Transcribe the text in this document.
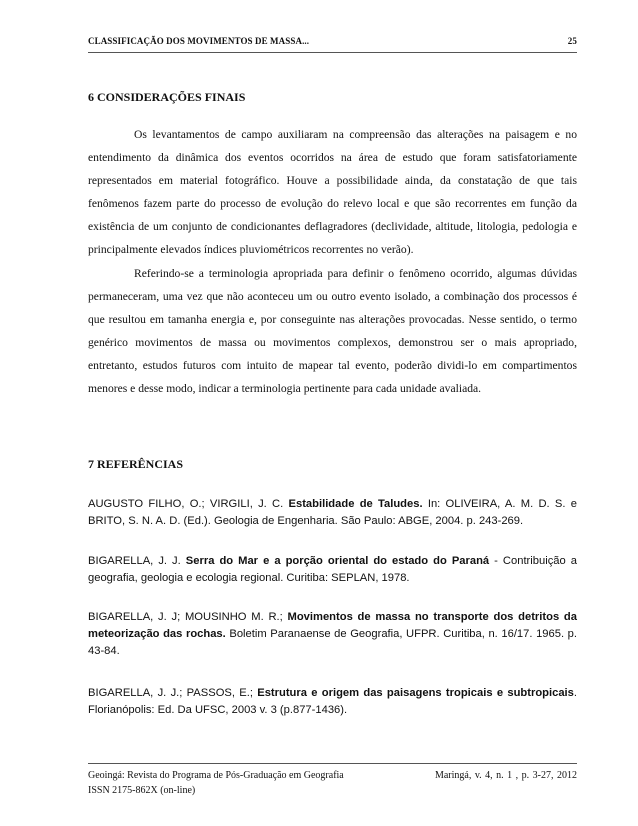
CLASSIFICAÇÃO DOS MOVIMENTOS DE MASSA...	25
6 CONSIDERAÇÕES FINAIS

Os levantamentos de campo auxiliaram na compreensão das alterações na paisagem e no entendimento da dinâmica dos eventos ocorridos na área de estudo que foram satisfatoriamente representados em material fotográfico. Houve a possibilidade ainda, da constatação de que tais fenômenos fazem parte do processo de evolução do relevo local e que são recorrentes em função da existência de um conjunto de condicionantes deflagradores (declividade, altitude, litologia, pedologia e principalmente elevados índices pluviométricos recorrentes no verão).

Referindo-se a terminologia apropriada para definir o fenômeno ocorrido, algumas dúvidas permaneceram, uma vez que não aconteceu um ou outro evento isolado, a combinação dos processos é que resultou em tamanha energia e, por conseguinte nas alterações provocadas. Nesse sentido, o termo genérico movimentos de massa ou movimentos complexos, demonstrou ser o mais apropriado, entretanto, estudos futuros com intuito de mapear tal evento, poderão dividi-lo em compartimentos menores e desse modo, indicar a terminologia pertinente para cada unidade avaliada.

7 REFERÊNCIAS
AUGUSTO FILHO, O.; VIRGILI, J. C. Estabilidade de Taludes. In: OLIVEIRA, A. M. D. S. e BRITO, S. N. A. D. (Ed.). Geologia de Engenharia. São Paulo: ABGE, 2004. p. 243-269.
BIGARELLA, J. J. Serra do Mar e a porção oriental do estado do Paraná - Contribuição a geografia, geologia e ecologia regional. Curitiba: SEPLAN, 1978.
BIGARELLA, J. J; MOUSINHO M. R.; Movimentos de massa no transporte dos detritos da meteorização das rochas. Boletim Paranaense de Geografia, UFPR. Curitiba, n. 16/17. 1965. p. 43-84.
BIGARELLA, J. J.; PASSOS, E.; Estrutura e origem das paisagens tropicais e subtropicais. Florianópolis: Ed. Da UFSC, 2003 v. 3 (p.877-1436).
Geoingá: Revista do Programa de Pós-Graduação em Geografia	Maringá, v. 4, n. 1 , p. 3-27, 2012
ISSN 2175-862X (on-line)
